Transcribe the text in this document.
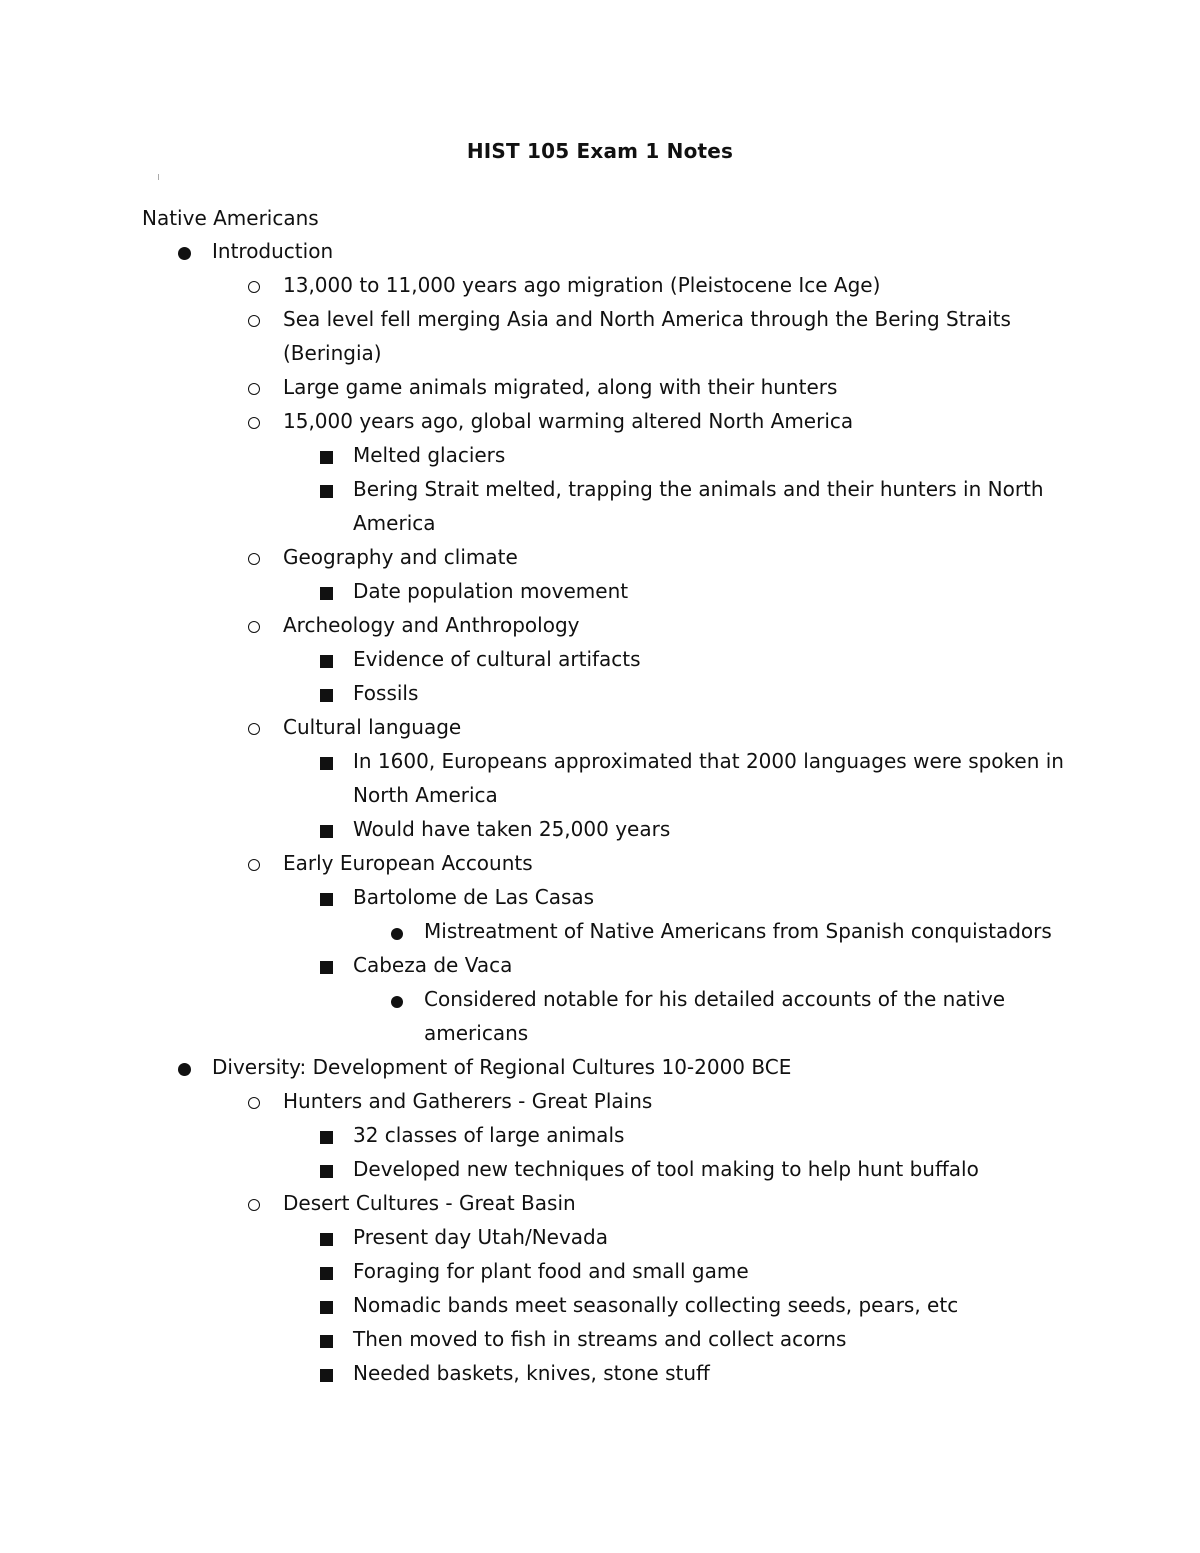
HIST 105 Exam 1 Notes
Native Americans
Introduction
13,000 to 11,000 years ago migration (Pleistocene Ice Age)
Sea level fell merging Asia and North America through the Bering Straits
(Beringia)
Large game animals migrated, along with their hunters
15,000 years ago, global warming altered North America
Melted glaciers
Bering Strait melted, trapping the animals and their hunters in North
America
Geography and climate
Date population movement
Archeology and Anthropology
Evidence of cultural artifacts
Fossils
Cultural language
In 1600, Europeans approximated that 2000 languages were spoken in
North America
Would have taken 25,000 years
Early European Accounts
Bartolome de Las Casas
Mistreatment of Native Americans from Spanish conquistadors
Cabeza de Vaca
Considered notable for his detailed accounts of the native
americans
Diversity: Development of Regional Cultures 10-2000 BCE
Hunters and Gatherers - Great Plains
32 classes of large animals
Developed new techniques of tool making to help hunt buffalo
Desert Cultures - Great Basin
Present day Utah/Nevada
Foraging for plant food and small game
Nomadic bands meet seasonally collecting seeds, pears, etc
Then moved to fish in streams and collect acorns
Needed baskets, knives, stone stuff
